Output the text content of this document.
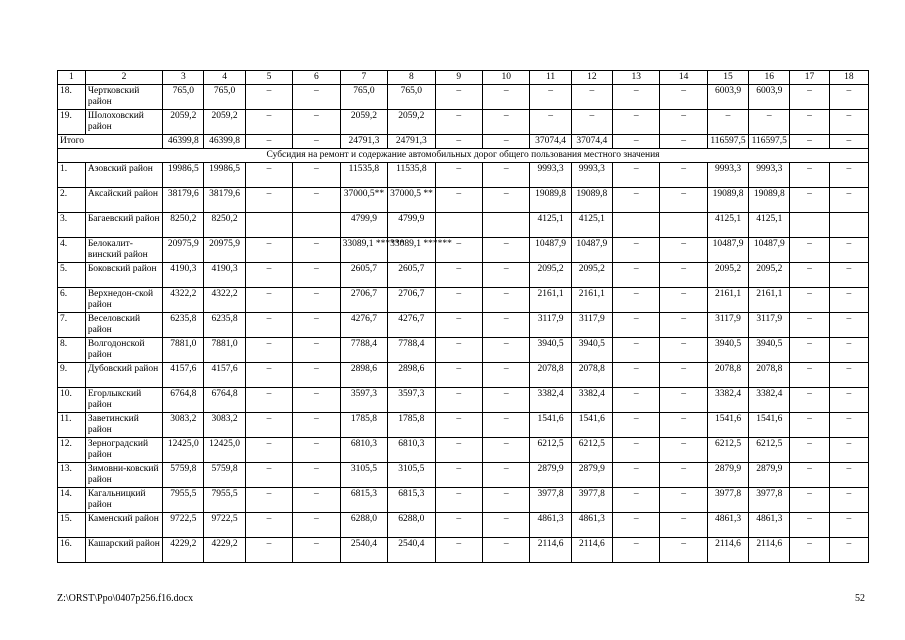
1	2	3	4	5	6	7	8	9	10	11	12	13	14	15	16	17	18
18.	Чертковский район	765,0	765,0	–	–	765,0	765,0	–	–	–	–	–	–	6003,9	6003,9	–	–
19.	Шолоховский район	2059,2	2059,2	–	–	2059,2	2059,2	–	–	–	–	–	–	–	–	–	–
Итого		46399,8	46399,8	–	–	24791,3	24791,3	–	–	37074,4	37074,4	–	–	116597,5	116597,5	–	–
Субсидия на ремонт и содержание автомобильных дорог общего пользования местного значения																	
1.	Азовский район	19986,5	19986,5	–	–	11535,8	11535,8	–	–	9993,3	9993,3	–	–	9993,3	9993,3	–	–
2.	Аксайский район	38179,6	38179,6	–	–	37000,5**	37000,5 **	–	–	19089,8	19089,8	–	–	19089,8	19089,8	–	–
3.	Багаевский район	8250,2	8250,2			4799,9	4799,9			4125,1	4125,1			4125,1	4125,1		
4.	Белокалит-винский район	20975,9	20975,9	–	–	33089,1 ******	33089,1 ******	–	–	10487,9	10487,9	–	–	10487,9	10487,9	–	–
5.	Боковский район	4190,3	4190,3	–	–	2605,7	2605,7	–	–	2095,2	2095,2	–	–	2095,2	2095,2	–	–
6.	Верхнедон-ской район	4322,2	4322,2	–	–	2706,7	2706,7	–	–	2161,1	2161,1	–	–	2161,1	2161,1	–	–
7.	Веселовский район	6235,8	6235,8	–	–	4276,7	4276,7	–	–	3117,9	3117,9	–	–	3117,9	3117,9	–	–
8.	Волгодонской район	7881,0	7881,0	–	–	7788,4	7788,4	–	–	3940,5	3940,5	–	–	3940,5	3940,5	–	–
9.	Дубовский район	4157,6	4157,6	–	–	2898,6	2898,6	–	–	2078,8	2078,8	–	–	2078,8	2078,8	–	–
10.	Егорлыкский район	6764,8	6764,8	–	–	3597,3	3597,3	–	–	3382,4	3382,4	–	–	3382,4	3382,4	–	–
11.	Заветинский район	3083,2	3083,2	–	–	1785,8	1785,8	–	–	1541,6	1541,6	–	–	1541,6	1541,6	–	–
12.	Зерноградский район	12425,0	12425,0	–	–	6810,3	6810,3	–	–	6212,5	6212,5	–	–	6212,5	6212,5	–	–
13.	Зимовни-ковский район	5759,8	5759,8	–	–	3105,5	3105,5	–	–	2879,9	2879,9	–	–	2879,9	2879,9	–	–
14.	Кагальницкий район	7955,5	7955,5	–	–	6815,3	6815,3	–	–	3977,8	3977,8	–	–	3977,8	3977,8	–	–
15.	Каменский район	9722,5	9722,5	–	–	6288,0	6288,0	–	–	4861,3	4861,3	–	–	4861,3	4861,3	–	–
16.	Кашарский район	4229,2	4229,2	–	–	2540,4	2540,4	–	–	2114,6	2114,6	–	–	2114,6	2114,6	–	–
Z:\ORST\Ppo\0407p256.f16.docx	52
